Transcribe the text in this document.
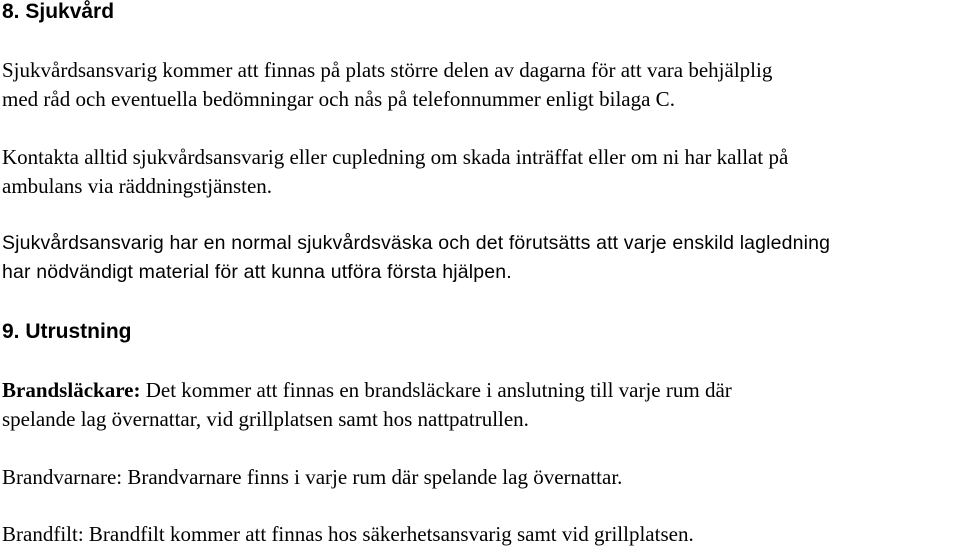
8. Sjukvård

Sjukvårdsansvarig kommer att finnas på plats större delen av dagarna för att vara behjälplig
med råd och eventuella bedömningar och nås på telefonnummer enligt bilaga C.

Kontakta alltid sjukvårdsansvarig eller cupledning om skada inträffat eller om ni har kallat på
ambulans via räddningstjänsten.

Sjukvårdsansvarig har en normal sjukvårdsväska och det förutsätts att varje enskild lagledning
har nödvändigt material för att kunna utföra första hjälpen.

9. Utrustning

Brandsläckare: Det kommer att finnas en brandsläckare i anslutning till varje rum där
spelande lag övernattar, vid grillplatsen samt hos nattpatrullen.

Brandvarnare: Brandvarnare finns i varje rum där spelande lag övernattar.

Brandfilt: Brandfilt kommer att finnas hos säkerhetsansvarig samt vid grillplatsen.
